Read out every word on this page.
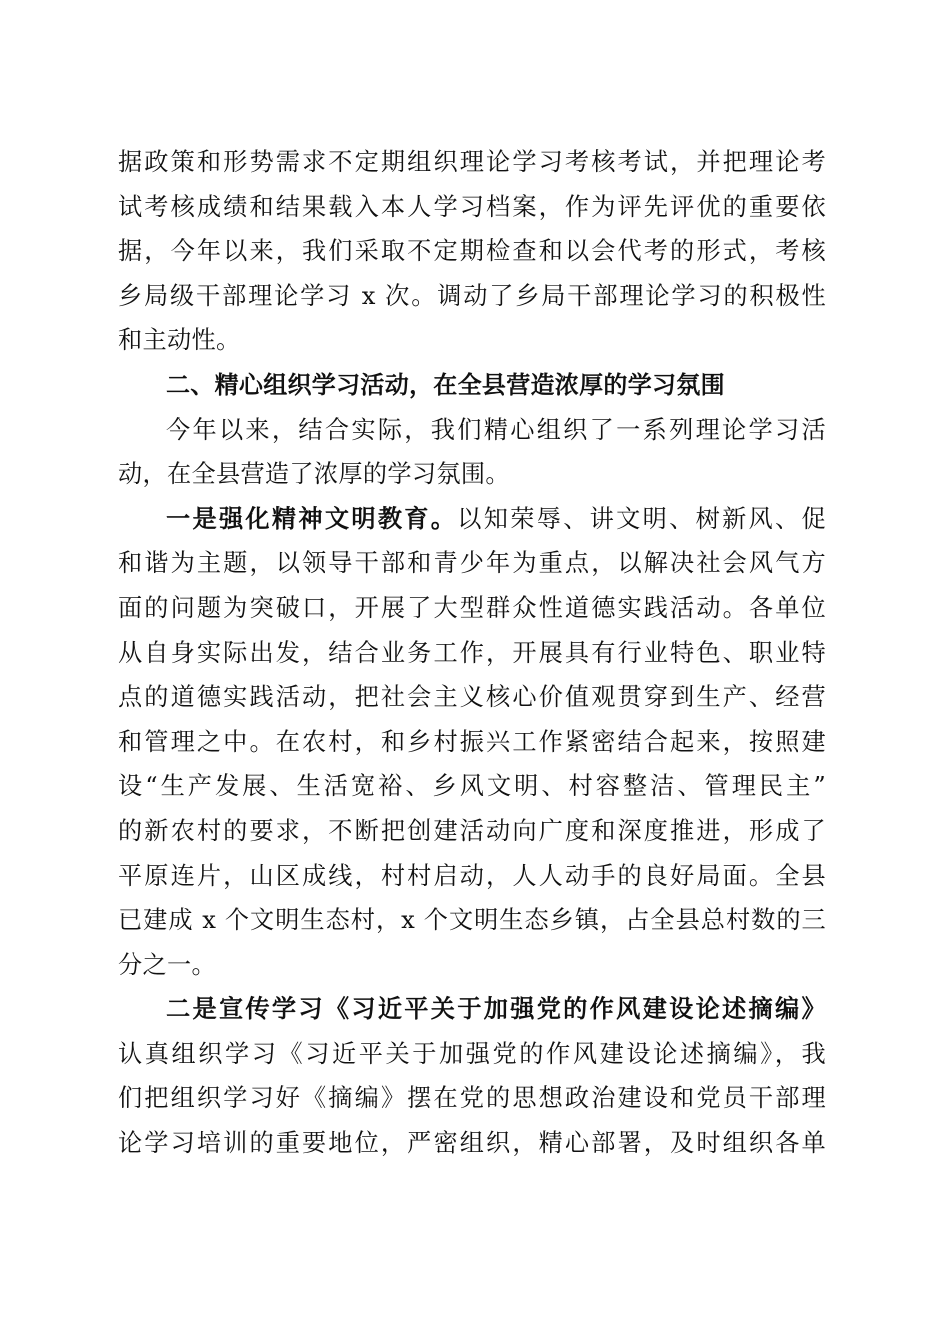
据政策和形势需求不定期组织理论学习考核考试，并把理论考
试考核成绩和结果载入本人学习档案，作为评先评优的重要依
据，今年以来，我们采取不定期检查和以会代考的形式，考核
乡局级干部理论学习 x 次。调动了乡局干部理论学习的积极性
和主动性。
二、精心组织学习活动，在全县营造浓厚的学习氛围
今年以来，结合实际，我们精心组织了一系列理论学习活
动，在全县营造了浓厚的学习氛围。
一是强化精神文明教育。以知荣辱、讲文明、树新风、促
和谐为主题，以领导干部和青少年为重点，以解决社会风气方
面的问题为突破口，开展了大型群众性道德实践活动。各单位
从自身实际出发，结合业务工作，开展具有行业特色、职业特
点的道德实践活动，把社会主义核心价值观贯穿到生产、经营
和管理之中。在农村，和乡村振兴工作紧密结合起来，按照建
设“生产发展、生活宽裕、乡风文明、村容整洁、管理民主”
的新农村的要求，不断把创建活动向广度和深度推进，形成了
平原连片，山区成线，村村启动，人人动手的良好局面。全县
已建成 x 个文明生态村，x 个文明生态乡镇，占全县总村数的三
分之一。
二是宣传学习《习近平关于加强党的作风建设论述摘编》
认真组织学习《习近平关于加强党的作风建设论述摘编》，我
们把组织学习好《摘编》摆在党的思想政治建设和党员干部理
论学习培训的重要地位，严密组织，精心部署，及时组织各单
